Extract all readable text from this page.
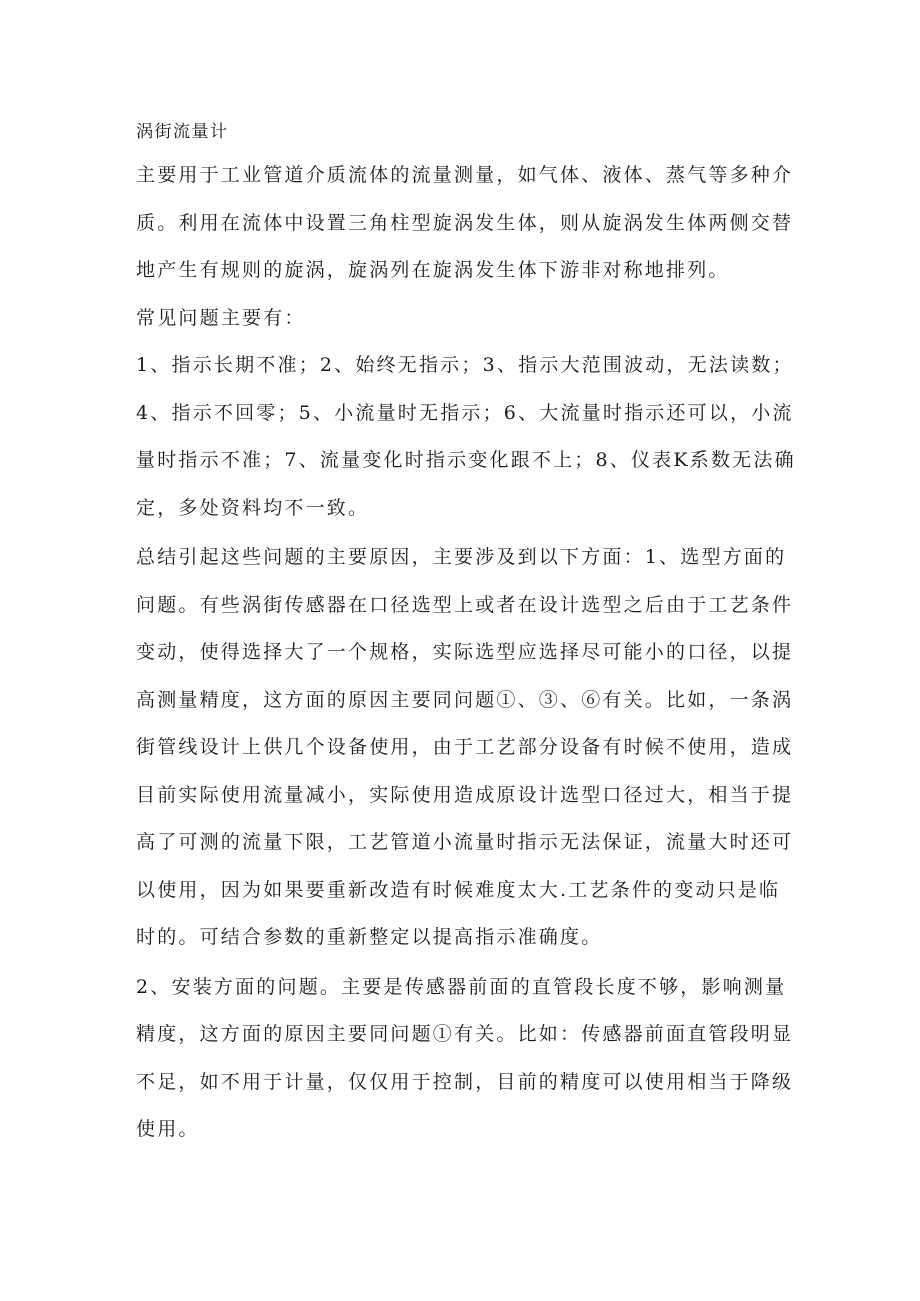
涡街流量计

主要用于工业管道介质流体的流量测量，如气体、液体、蒸气等多种介质。利用在流体中设置三角柱型旋涡发生体，则从旋涡发生体两侧交替地产生有规则的旋涡，旋涡列在旋涡发生体下游非对称地排列。

常见问题主要有：

1、指示长期不准；2、始终无指示；3、指示大范围波动，无法读数；4、指示不回零；5、小流量时无指示；6、大流量时指示还可以，小流量时指示不准；7、流量变化时指示变化跟不上；8、仪表K系数无法确定，多处资料均不一致。

总结引起这些问题的主要原因，主要涉及到以下方面：1、选型方面的问题。有些涡街传感器在口径选型上或者在设计选型之后由于工艺条件变动，使得选择大了一个规格，实际选型应选择尽可能小的口径，以提高测量精度，这方面的原因主要同问题①、③、⑥有关。比如，一条涡街管线设计上供几个设备使用，由于工艺部分设备有时候不使用，造成目前实际使用流量减小，实际使用造成原设计选型口径过大，相当于提高了可测的流量下限，工艺管道小流量时指示无法保证，流量大时还可以使用，因为如果要重新改造有时候难度太大.工艺条件的变动只是临时的。可结合参数的重新整定以提高指示准确度。

2、安装方面的问题。主要是传感器前面的直管段长度不够，影响测量精度，这方面的原因主要同问题①有关。比如：传感器前面直管段明显不足，如不用于计量，仅仅用于控制，目前的精度可以使用相当于降级使用。
